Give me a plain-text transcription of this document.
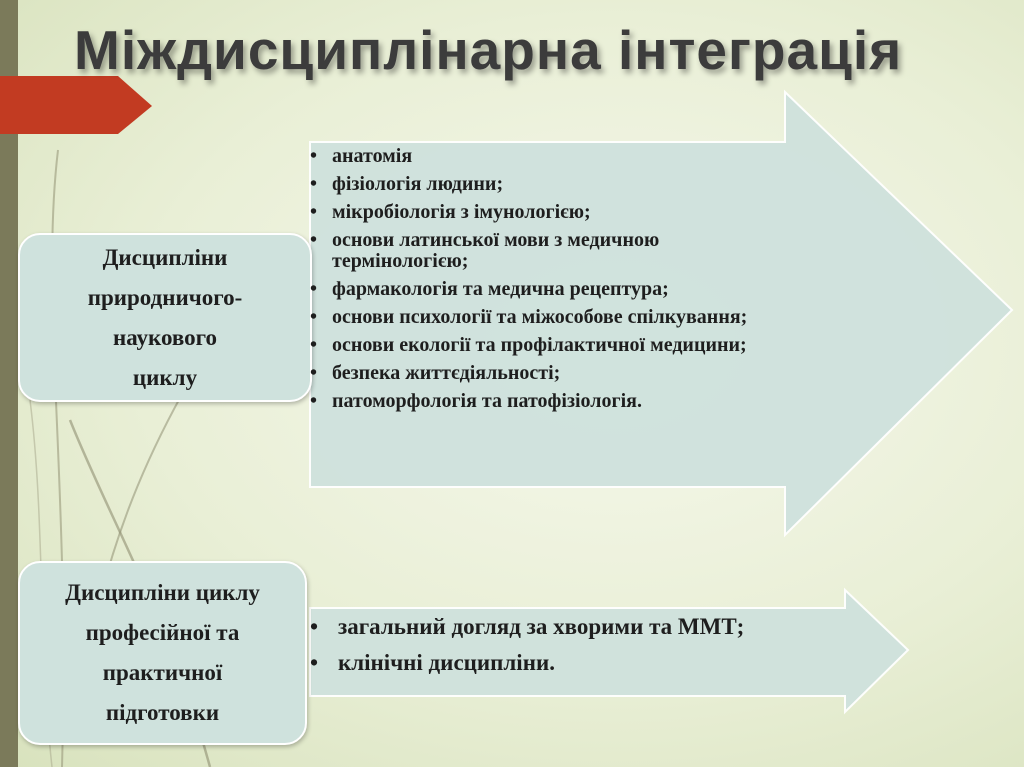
Міждисциплінарна інтеграція
Дисципліни
природничого-
наукового
циклу
Дисципліни циклу
професійної та
практичної
підготовки
• анатомія
• фізіологія людини;
• мікробіологія з імунологією;
• основи латинської мови з медичною термінологією;
• фармакологія та медична рецептура;
• основи психології та міжособове спілкування;
• основи екології та профілактичної медицини;
• безпека життєдіяльності;
• патоморфологія та патофізіологія.
• загальний догляд за хворими та ММТ;
• клінічні дисципліни.
